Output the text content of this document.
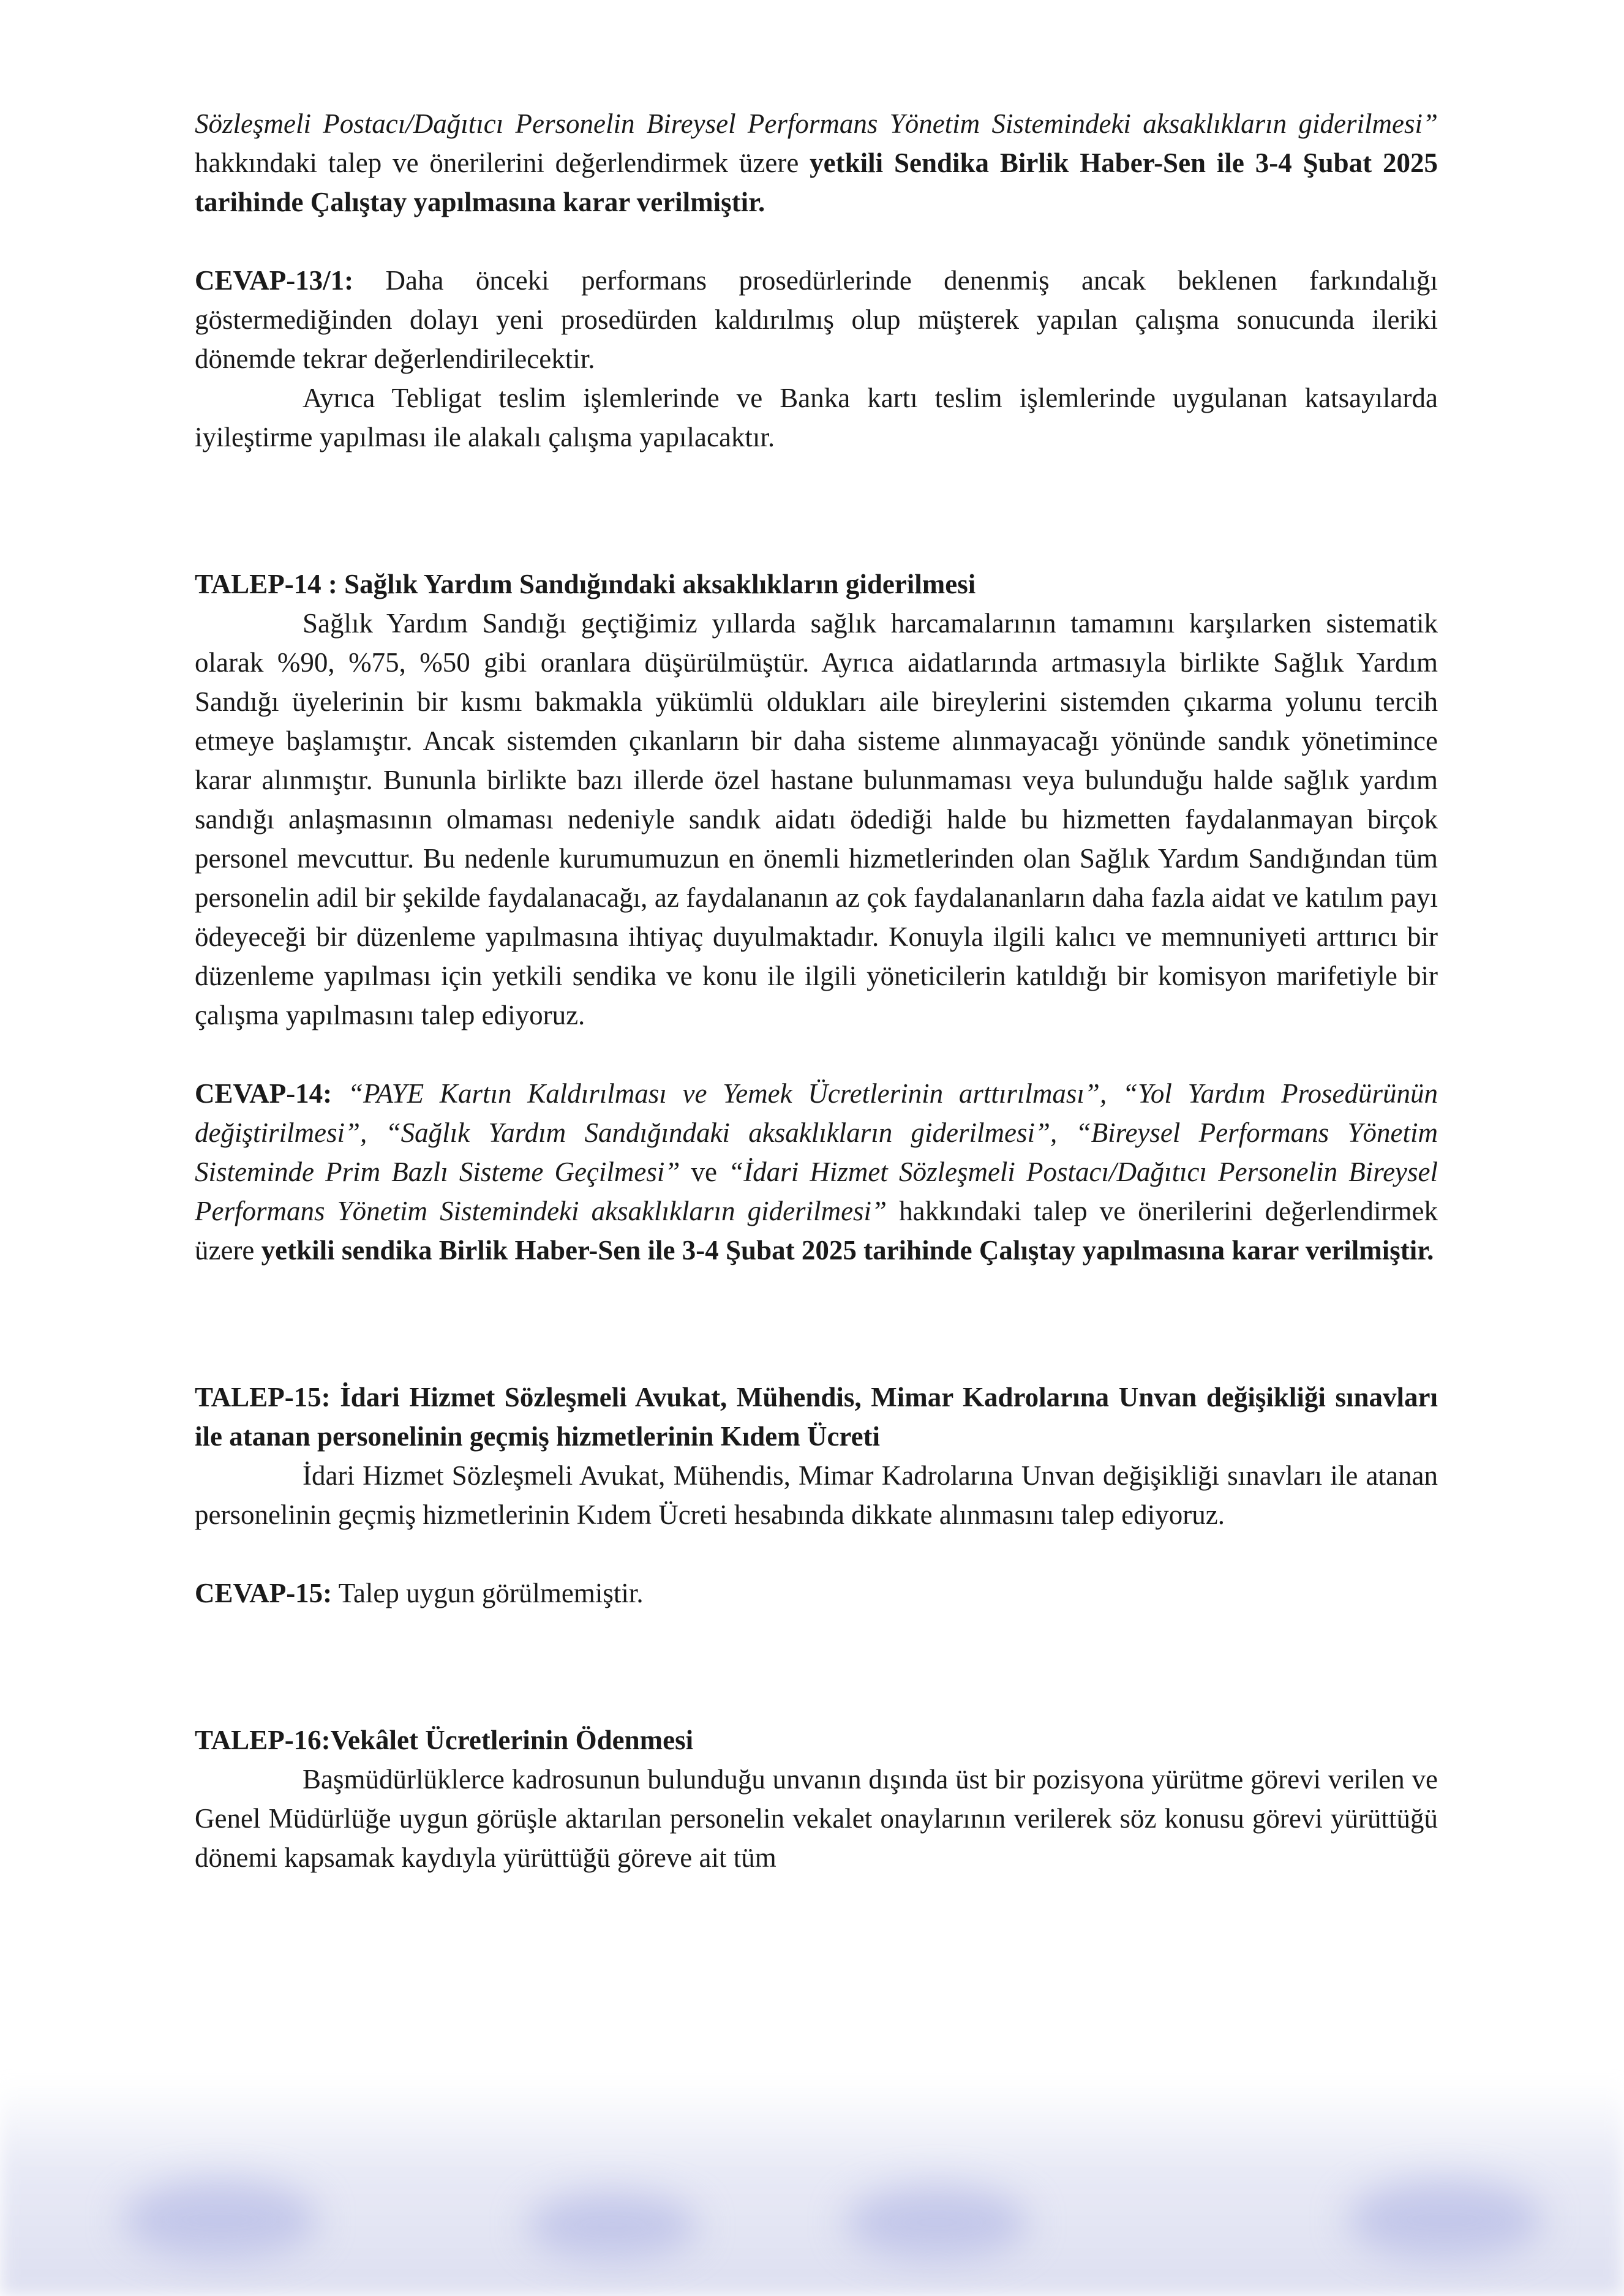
Sözleşmeli Postacı/Dağıtıcı Personelin Bireysel Performans Yönetim Sistemindeki aksaklıkların giderilmesi” hakkındaki talep ve önerilerini değerlendirmek üzere yetkili Sendika Birlik Haber-Sen ile 3-4 Şubat 2025 tarihinde Çalıştay yapılmasına karar verilmiştir.

CEVAP-13/1: Daha önceki performans prosedürlerinde denenmiş ancak beklenen farkındalığı göstermediğinden dolayı yeni prosedürden kaldırılmış olup müşterek yapılan çalışma sonucunda ileriki dönemde tekrar değerlendirilecektir.

Ayrıca Tebligat teslim işlemlerinde ve Banka kartı teslim işlemlerinde uygulanan katsayılarda iyileştirme yapılması ile alakalı çalışma yapılacaktır.

TALEP-14 : Sağlık Yardım Sandığındaki aksaklıkların giderilmesi

Sağlık Yardım Sandığı geçtiğimiz yıllarda sağlık harcamalarının tamamını karşılarken sistematik olarak %90, %75, %50 gibi oranlara düşürülmüştür. Ayrıca aidatlarında artmasıyla birlikte Sağlık Yardım Sandığı üyelerinin bir kısmı bakmakla yükümlü oldukları aile bireylerini sistemden çıkarma yolunu tercih etmeye başlamıştır. Ancak sistemden çıkanların bir daha sisteme alınmayacağı yönünde sandık yönetimince karar alınmıştır. Bununla birlikte bazı illerde özel hastane bulunmaması veya bulunduğu halde sağlık yardım sandığı anlaşmasının olmaması nedeniyle sandık aidatı ödediği halde bu hizmetten faydalanmayan birçok personel mevcuttur. Bu nedenle kurumumuzun en önemli hizmetlerinden olan Sağlık Yardım Sandığından tüm personelin adil bir şekilde faydalanacağı, az faydalananın az çok faydalananların daha fazla aidat ve katılım payı ödeyeceği bir düzenleme yapılmasına ihtiyaç duyulmaktadır. Konuyla ilgili kalıcı ve memnuniyeti arttırıcı bir düzenleme yapılması için yetkili sendika ve konu ile ilgili yöneticilerin katıldığı bir komisyon marifetiyle bir çalışma yapılmasını talep ediyoruz.

CEVAP-14: “PAYE Kartın Kaldırılması ve Yemek Ücretlerinin arttırılması”, “Yol Yardım Prosedürünün değiştirilmesi”, “Sağlık Yardım Sandığındaki aksaklıkların giderilmesi”, “Bireysel Performans Yönetim Sisteminde Prim Bazlı Sisteme Geçilmesi” ve “İdari Hizmet Sözleşmeli Postacı/Dağıtıcı Personelin Bireysel Performans Yönetim Sistemindeki aksaklıkların giderilmesi” hakkındaki talep ve önerilerini değerlendirmek üzere yetkili sendika Birlik Haber-Sen ile 3-4 Şubat 2025 tarihinde Çalıştay yapılmasına karar verilmiştir.

TALEP-15: İdari Hizmet Sözleşmeli Avukat, Mühendis, Mimar Kadrolarına Unvan değişikliği sınavları ile atanan personelinin geçmiş hizmetlerinin Kıdem Ücreti

İdari Hizmet Sözleşmeli Avukat, Mühendis, Mimar Kadrolarına Unvan değişikliği sınavları ile atanan personelinin geçmiş hizmetlerinin Kıdem Ücreti hesabında dikkate alınmasını talep ediyoruz.

CEVAP-15: Talep uygun görülmemiştir.

TALEP-16:Vekâlet Ücretlerinin Ödenmesi

Başmüdürlüklerce kadrosunun bulunduğu unvanın dışında üst bir pozisyona yürütme görevi verilen ve Genel Müdürlüğe uygun görüşle aktarılan personelin vekalet onaylarının verilerek söz konusu görevi yürüttüğü dönemi kapsamak kaydıyla yürüttüğü göreve ait tüm
